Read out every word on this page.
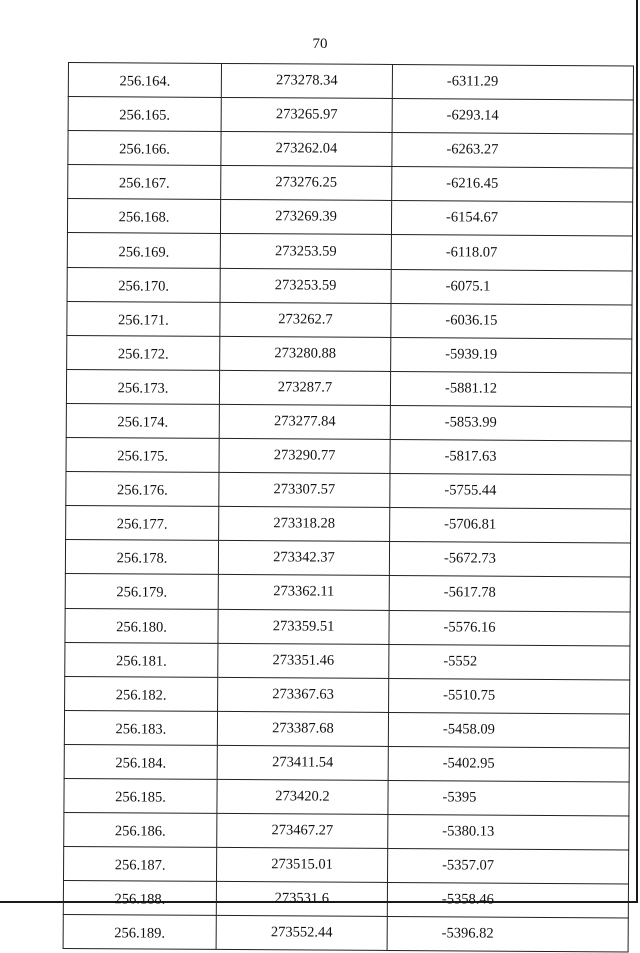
70
256.164.	273278.34	-6311.29
256.165.	273265.97	-6293.14
256.166.	273262.04	-6263.27
256.167.	273276.25	-6216.45
256.168.	273269.39	-6154.67
256.169.	273253.59	-6118.07
256.170.	273253.59	-6075.1
256.171.	273262.7	-6036.15
256.172.	273280.88	-5939.19
256.173.	273287.7	-5881.12
256.174.	273277.84	-5853.99
256.175.	273290.77	-5817.63
256.176.	273307.57	-5755.44
256.177.	273318.28	-5706.81
256.178.	273342.37	-5672.73
256.179.	273362.11	-5617.78
256.180.	273359.51	-5576.16
256.181.	273351.46	-5552
256.182.	273367.63	-5510.75
256.183.	273387.68	-5458.09
256.184.	273411.54	-5402.95
256.185.	273420.2	-5395
256.186.	273467.27	-5380.13
256.187.	273515.01	-5357.07
256.188.	273531.6	-5358.46
256.189.	273552.44	-5396.82
